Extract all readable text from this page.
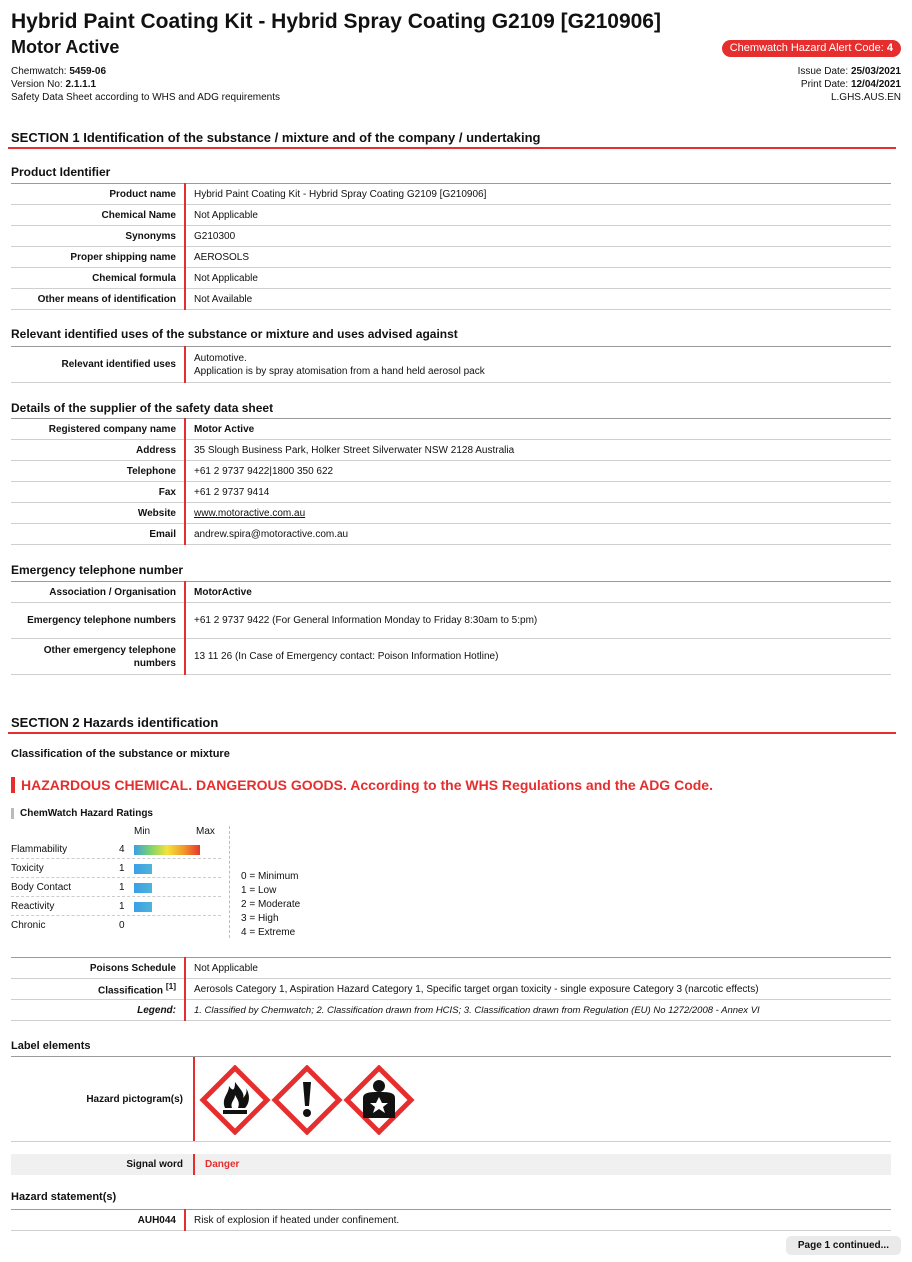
Hybrid Paint Coating Kit - Hybrid Spray Coating G2109 [G210906]
Motor Active	Chemwatch Hazard Alert Code: 4
Chemwatch: 5459-06
Version No: 2.1.1.1
Safety Data Sheet according to WHS and ADG requirements
Issue Date: 25/03/2021
Print Date: 12/04/2021
L.GHS.AUS.EN
SECTION 1 Identification of the substance / mixture and of the company / undertaking
Product Identifier
Product name	Hybrid Paint Coating Kit - Hybrid Spray Coating G2109 [G210906]
Chemical Name	Not Applicable
Synonyms	G210300
Proper shipping name	AEROSOLS
Chemical formula	Not Applicable
Other means of identification	Not Available
Relevant identified uses of the substance or mixture and uses advised against
Relevant identified uses	
Automotive.
Application is by spray atomisation from a hand held aerosol pack
Details of the supplier of the safety data sheet
Registered company name	Motor Active
Address	35 Slough Business Park, Holker Street Silverwater NSW 2128 Australia
Telephone	+61 2 9737 9422|1800 350 622
Fax	+61 2 9737 9414
Website	www.motoractive.com.au
Email	andrew.spira@motoractive.com.au
Emergency telephone number
Association / Organisation	MotorActive
Emergency telephone numbers	+61 2 9737 9422 (For General Information Monday to Friday 8:30am to 5:pm)
Other emergency telephone numbers	13 11 26 (In Case of Emergency contact: Poison Information Hotline)
SECTION 2 Hazards identification
Classification of the substance or mixture
HAZARDOUS CHEMICAL. DANGEROUS GOODS. According to the WHS Regulations and the ADG Code.
ChemWatch Hazard Ratings
Min	Max
Flammability	4
Toxicity	1
Body Contact	1
Reactivity	1
Chronic	0
0 = Minimum
1 = Low
2 = Moderate
3 = High
4 = Extreme
Poisons Schedule	Not Applicable
Classification [1]	Aerosols Category 1, Aspiration Hazard Category 1, Specific target organ toxicity - single exposure Category 3 (narcotic effects)
Legend:	1. Classified by Chemwatch; 2. Classification drawn from HCIS; 3. Classification drawn from Regulation (EU) No 1272/2008 - Annex VI
Label elements
Hazard pictogram(s)
Signal word	Danger
Hazard statement(s)
AUH044	Risk of explosion if heated under confinement.
Page 1 continued...
